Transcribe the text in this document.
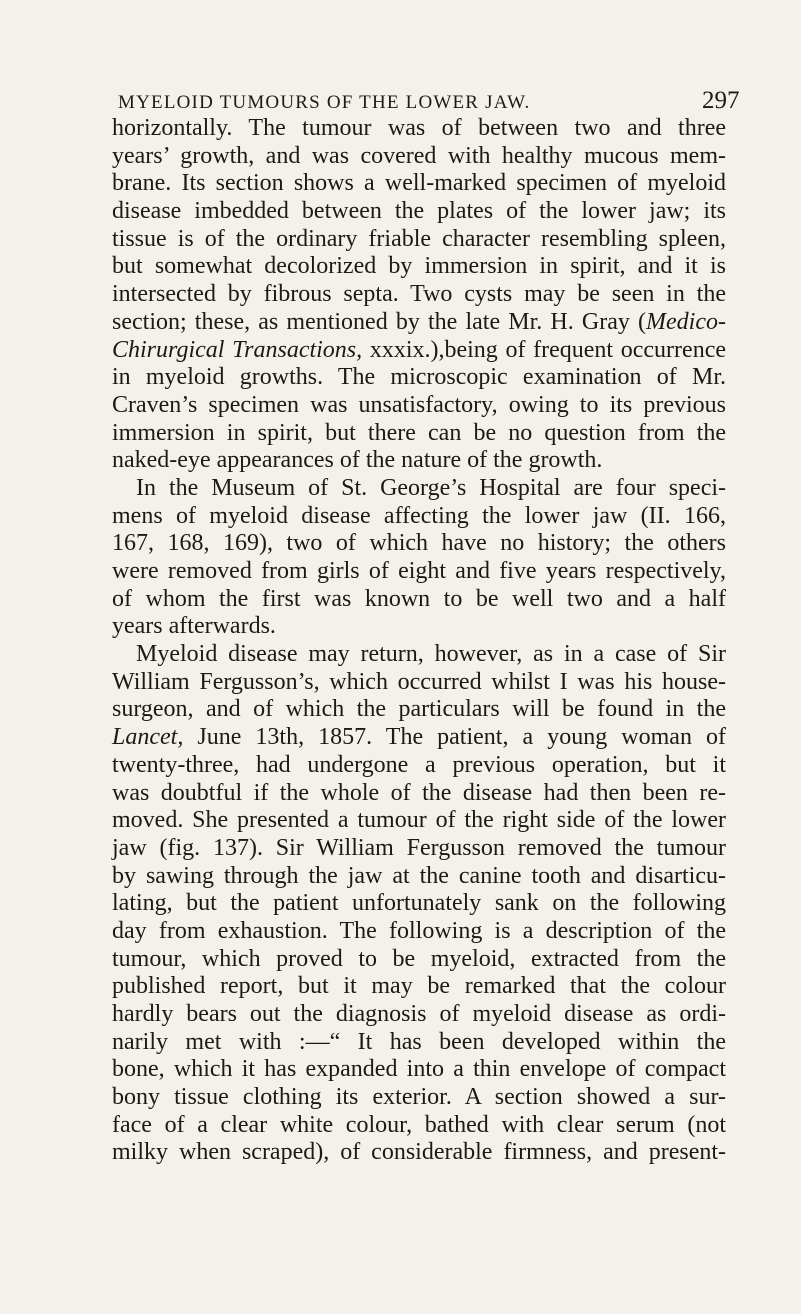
MYELOID TUMOURS OF THE LOWER JAW.	297
horizontally. The tumour was of between two and three
years’ growth, and was covered with healthy mucous mem-
brane. Its section shows a well-marked specimen of myeloid
disease imbedded between the plates of the lower jaw; its
tissue is of the ordinary friable character resembling spleen,
but somewhat decolorized by immersion in spirit, and it is
intersected by fibrous septa. Two cysts may be seen in the
section; these, as mentioned by the late Mr. H. Gray (Medico-
Chirurgical Transactions, xxxix.),being of frequent occurrence
in myeloid growths. The microscopic examination of Mr.
Craven’s specimen was unsatisfactory, owing to its previous
immersion in spirit, but there can be no question from the
naked-eye appearances of the nature of the growth.
In the Museum of St. George’s Hospital are four speci-
mens of myeloid disease affecting the lower jaw (II. 166,
167, 168, 169), two of which have no history; the others
were removed from girls of eight and five years respectively,
of whom the first was known to be well two and a half
years afterwards.
Myeloid disease may return, however, as in a case of Sir
William Fergusson’s, which occurred whilst I was his house-
surgeon, and of which the particulars will be found in the
Lancet, June 13th, 1857. The patient, a young woman of
twenty-three, had undergone a previous operation, but it
was doubtful if the whole of the disease had then been re-
moved. She presented a tumour of the right side of the lower
jaw (fig. 137). Sir William Fergusson removed the tumour
by sawing through the jaw at the canine tooth and disarticu-
lating, but the patient unfortunately sank on the following
day from exhaustion. The following is a description of the
tumour, which proved to be myeloid, extracted from the
published report, but it may be remarked that the colour
hardly bears out the diagnosis of myeloid disease as ordi-
narily met with :—“ It has been developed within the
bone, which it has expanded into a thin envelope of compact
bony tissue clothing its exterior. A section showed a sur-
face of a clear white colour, bathed with clear serum (not
milky when scraped), of considerable firmness, and present-
